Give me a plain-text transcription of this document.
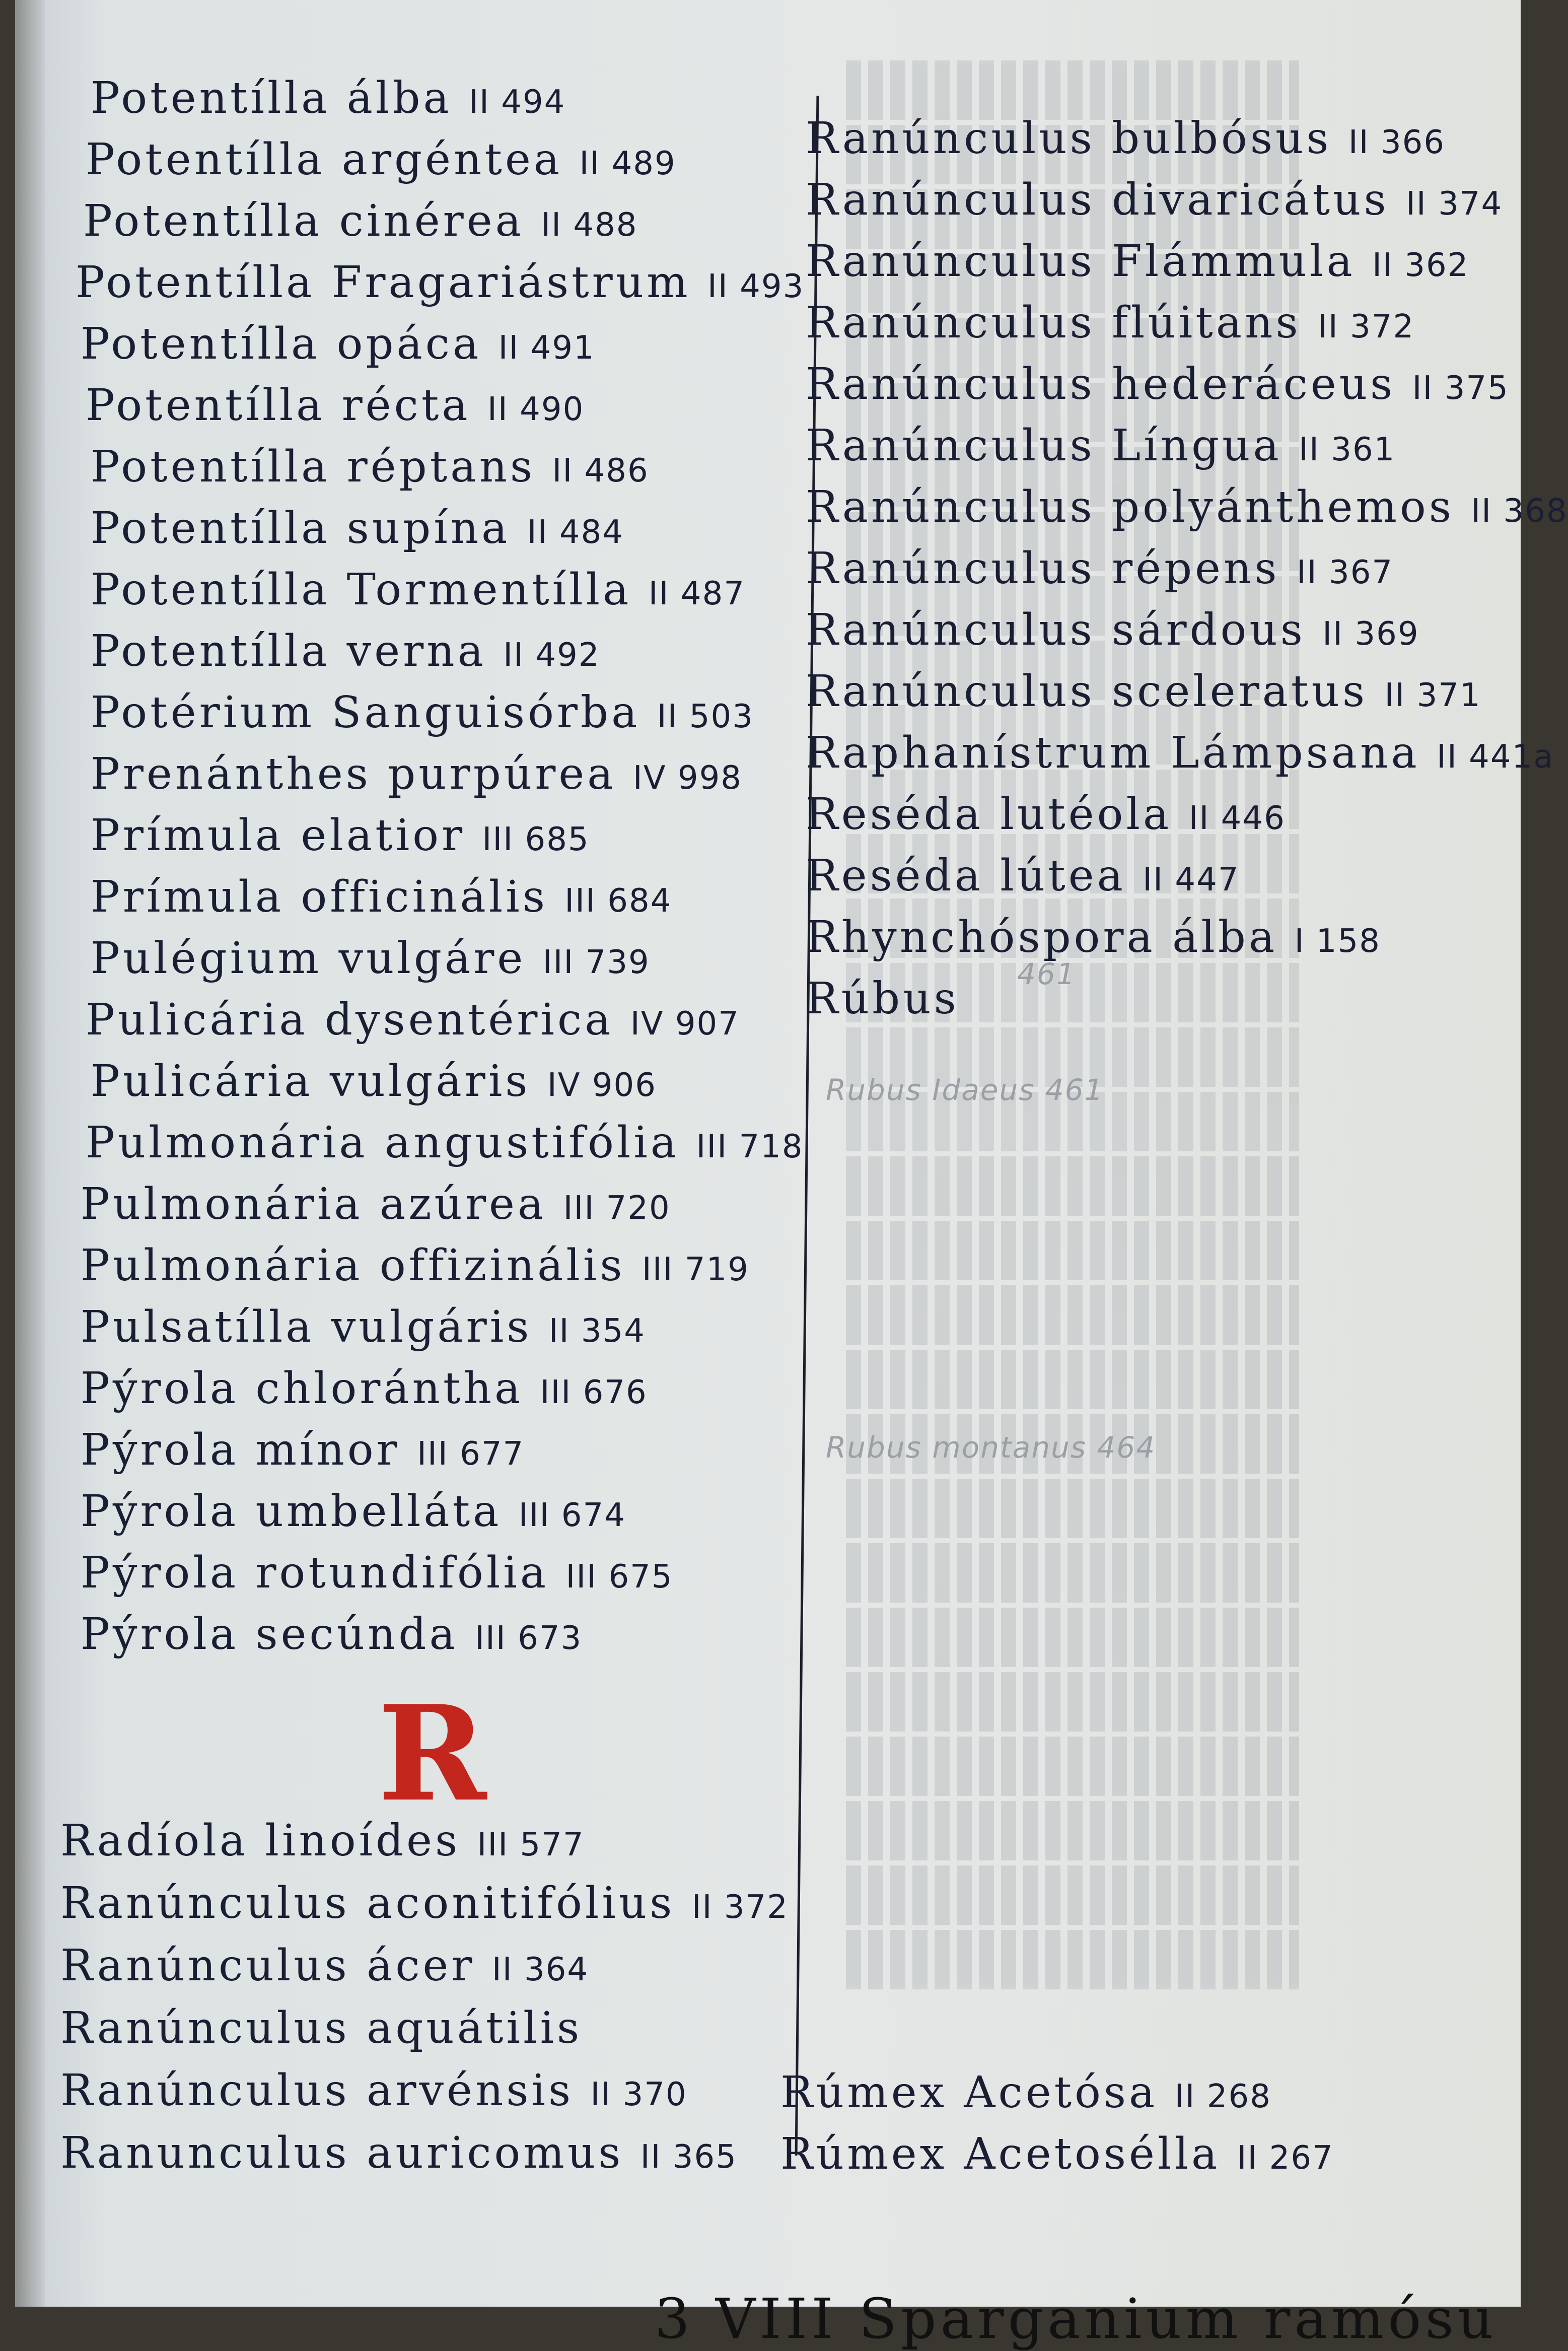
Potentílla álba II 494
Potentílla argéntea II 489
Potentílla cinérea II 488
Potentílla Fragariástrum II 493
Potentílla opáca II 491
Potentílla récta II 490
Potentílla réptans II 486
Potentílla supína II 484
Potentílla Tormentílla II 487
Potentílla verna II 492
Potérium Sanguisórba II 503
Prenánthes purpúrea IV 998
Prímula elatior III 685
Prímula officinális III 684
Pulégium vulgáre III 739
Pulicária dysentérica IV 907
Pulicária vulgáris IV 906
Pulmonária angustifólia III 718
Pulmonária azúrea III 720
Pulmonária offizinális III 719
Pulsatílla vulgáris II 354
Pýrola chlorántha III 676
Pýrola mínor III 677
Pýrola umbelláta III 674
Pýrola rotundifólia III 675
Pýrola secúnda III 673
R
Radíola linoídes III 577
Ranúnculus aconitifólius II 372
Ranúnculus ácer II 364
Ranúnculus aquátilis
Ranúnculus arvénsis II 370
Ranunculus auricomus II 365
Ranúnculus bulbósus II 366
Ranúnculus divaricátus II 374
Ranúnculus Flámmula II 362
Ranúnculus flúitans II 372
Ranúnculus hederáceus II 375
Ranúnculus Língua II 361
Ranúnculus polyánthemos II 368
Ranúnculus répens II 367
Ranúnculus sárdous II 369
Ranúnculus sceleratus II 371
Raphanístrum Lámpsana II 441a
Reséda lutéola II 446
Reséda lútea II 447
Rhynchóspora álba I 158
Rúbus 461
Rubus Idaeus 461
Rubus montanus 464
Rúmex Acetósa II 268
Rúmex Acetosélla II 267
3 VIII Sparganium ramósu
